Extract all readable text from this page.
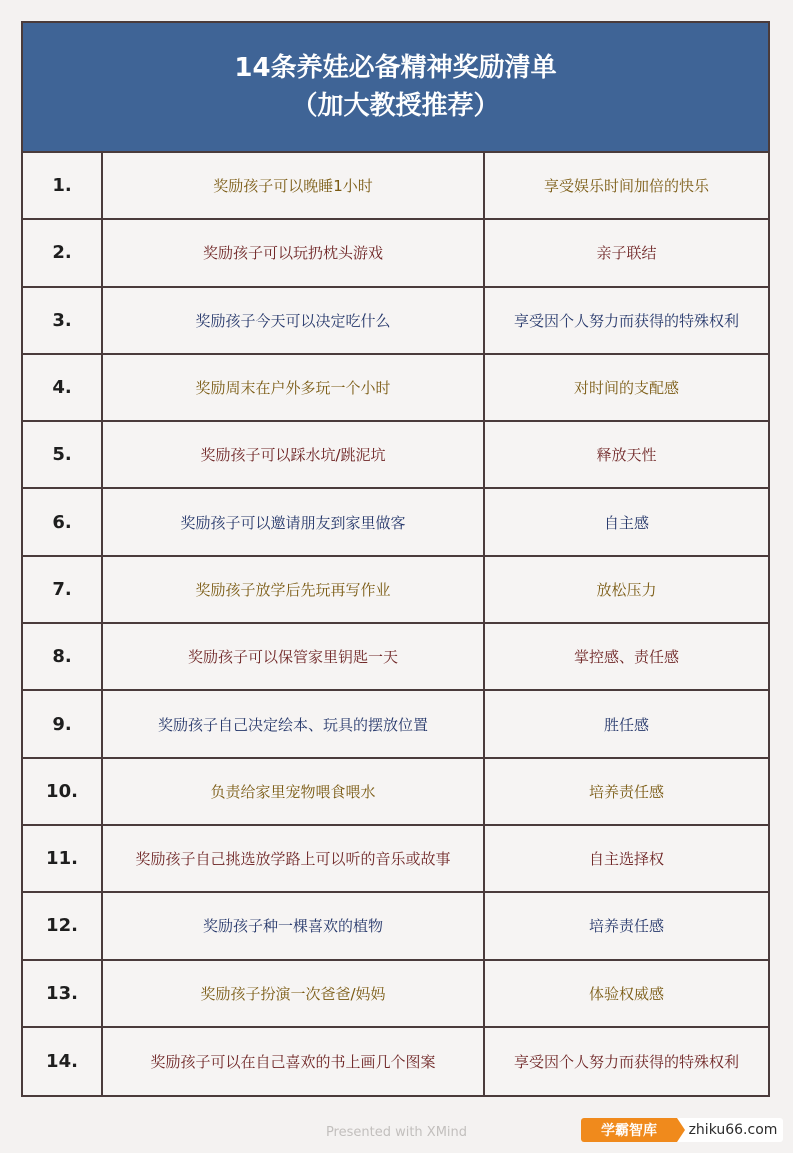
14条养娃必备精神奖励清单
（加大教授推荐）
1.	奖励孩子可以晚睡1小时	享受娱乐时间加倍的快乐
2.	奖励孩子可以玩扔枕头游戏	亲子联结
3.	奖励孩子今天可以决定吃什么	享受因个人努力而获得的特殊权利
4.	奖励周末在户外多玩一个小时	对时间的支配感
5.	奖励孩子可以踩水坑/跳泥坑	释放天性
6.	奖励孩子可以邀请朋友到家里做客	自主感
7.	奖励孩子放学后先玩再写作业	放松压力
8.	奖励孩子可以保管家里钥匙一天	掌控感、责任感
9.	奖励孩子自己决定绘本、玩具的摆放位置	胜任感
10.	负责给家里宠物喂食喂水	培养责任感
11.	奖励孩子自己挑选放学路上可以听的音乐或故事	自主选择权
12.	奖励孩子种一棵喜欢的植物	培养责任感
13.	奖励孩子扮演一次爸爸/妈妈	体验权威感
14.	奖励孩子可以在自己喜欢的书上画几个图案	享受因个人努力而获得的特殊权利
Presented with XMind	学霸智库	zhiku66.com
